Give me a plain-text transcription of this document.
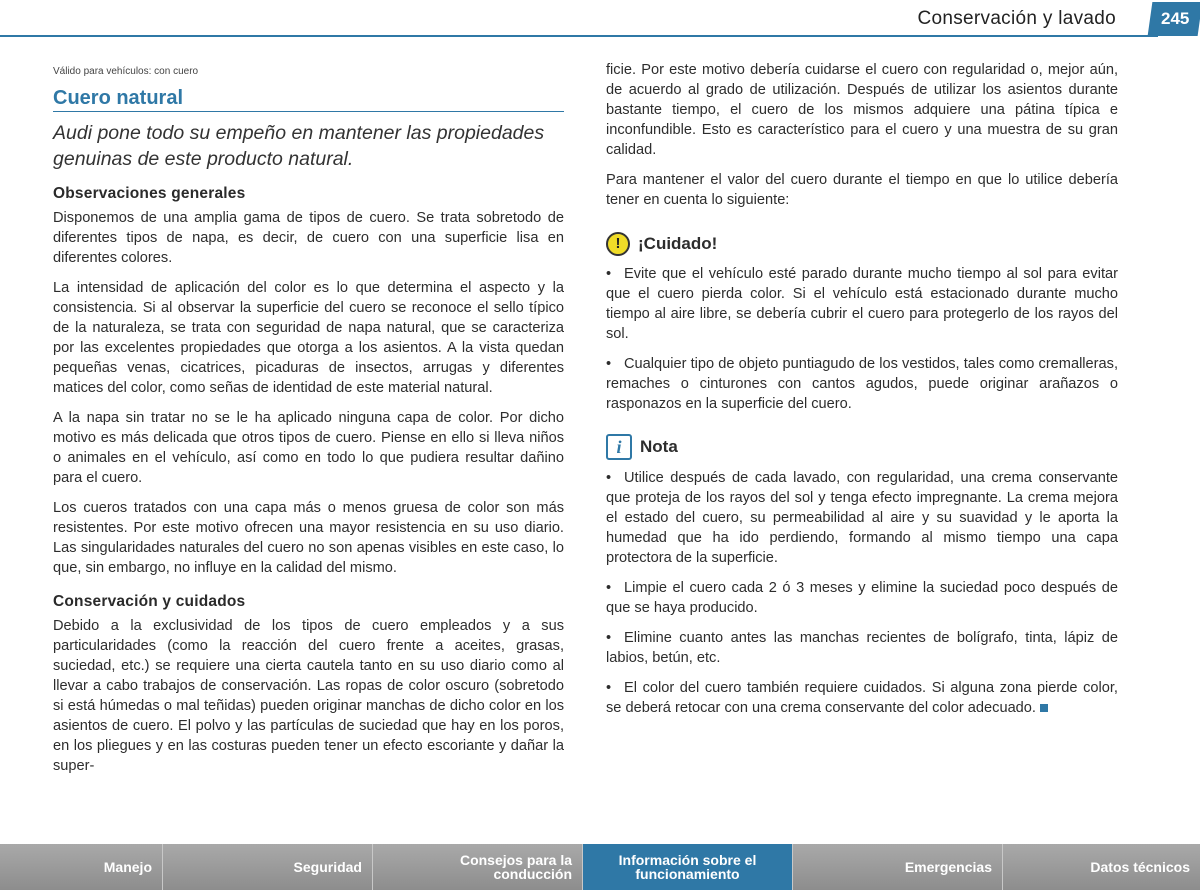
Conservación y lavado	245
Válido para vehículos: con cuero
Cuero natural
Audi pone todo su empeño en mantener las propiedades genuinas de este producto natural.
Observaciones generales

Disponemos de una amplia gama de tipos de cuero. Se trata sobretodo de diferentes tipos de napa, es decir, de cuero con una superficie lisa en diferentes colores.

La intensidad de aplicación del color es lo que determina el aspecto y la consistencia. Si al observar la superficie del cuero se reconoce el sello típico de la naturaleza, se trata con seguridad de napa natural, que se caracteriza por las excelentes propiedades que otorga a los asientos. A la vista quedan pequeñas venas, cicatrices, picaduras de insectos, arrugas y diferentes matices del color, como señas de identidad de este material natural.

A la napa sin tratar no se le ha aplicado ninguna capa de color. Por dicho motivo es más delicada que otros tipos de cuero. Piense en ello si lleva niños o animales en el vehículo, así como en todo lo que pudiera resultar dañino para el cuero.

Los cueros tratados con una capa más o menos gruesa de color son más resistentes. Por este motivo ofrecen una mayor resistencia en su uso diario. Las singularidades naturales del cuero no son apenas visibles en este caso, lo que, sin embargo, no influye en la calidad del mismo.

Conservación y cuidados

Debido a la exclusividad de los tipos de cuero empleados y a sus particularidades (como la reacción del cuero frente a aceites, grasas, suciedad, etc.) se requiere una cierta cautela tanto en su uso diario como al llevar a cabo trabajos de conservación. Las ropas de color oscuro (sobretodo si está húmedas o mal teñidas) pueden originar manchas de dicho color en los asientos de cuero. El polvo y las partículas de suciedad que hay en los poros, en los pliegues y en las costuras pueden tener un efecto escoriante y dañar la super-

ficie. Por este motivo debería cuidarse el cuero con regularidad o, mejor aún, de acuerdo al grado de utilización. Después de utilizar los asientos durante bastante tiempo, el cuero de los mismos adquiere una pátina típica e inconfundible. Esto es característico para el cuero y una muestra de su gran calidad.

Para mantener el valor del cuero durante el tiempo en que lo utilice debería tener en cuenta lo siguiente:

!	¡Cuidado!
• Evite que el vehículo esté parado durante mucho tiempo al sol para evitar que el cuero pierda color. Si el vehículo está estacionado durante mucho tiempo al aire libre, se debería cubrir el cuero para protegerlo de los rayos del sol.
• Cualquier tipo de objeto puntiagudo de los vestidos, tales como cremalleras, remaches o cinturones con cantos agudos, puede originar arañazos o rasponazos en la superficie del cuero.
i	Nota
• Utilice después de cada lavado, con regularidad, una crema conservante que proteja de los rayos del sol y tenga efecto impregnante. La crema mejora el estado del cuero, su permeabilidad al aire y su suavidad y le aporta la humedad que ha ido perdiendo, formando al mismo tiempo una capa protectora de la superficie.
• Limpie el cuero cada 2 ó 3 meses y elimine la suciedad poco después de que se haya producido.
• Elimine cuanto antes las manchas recientes de bolígrafo, tinta, lápiz de labios, betún, etc.
• El color del cuero también requiere cuidados. Si alguna zona pierde color, se deberá retocar con una crema conservante del color adecuado.
Manejo	Seguridad	Consejos para la conducción
Información sobre el funcionamiento	Emergencias	Datos técnicos
